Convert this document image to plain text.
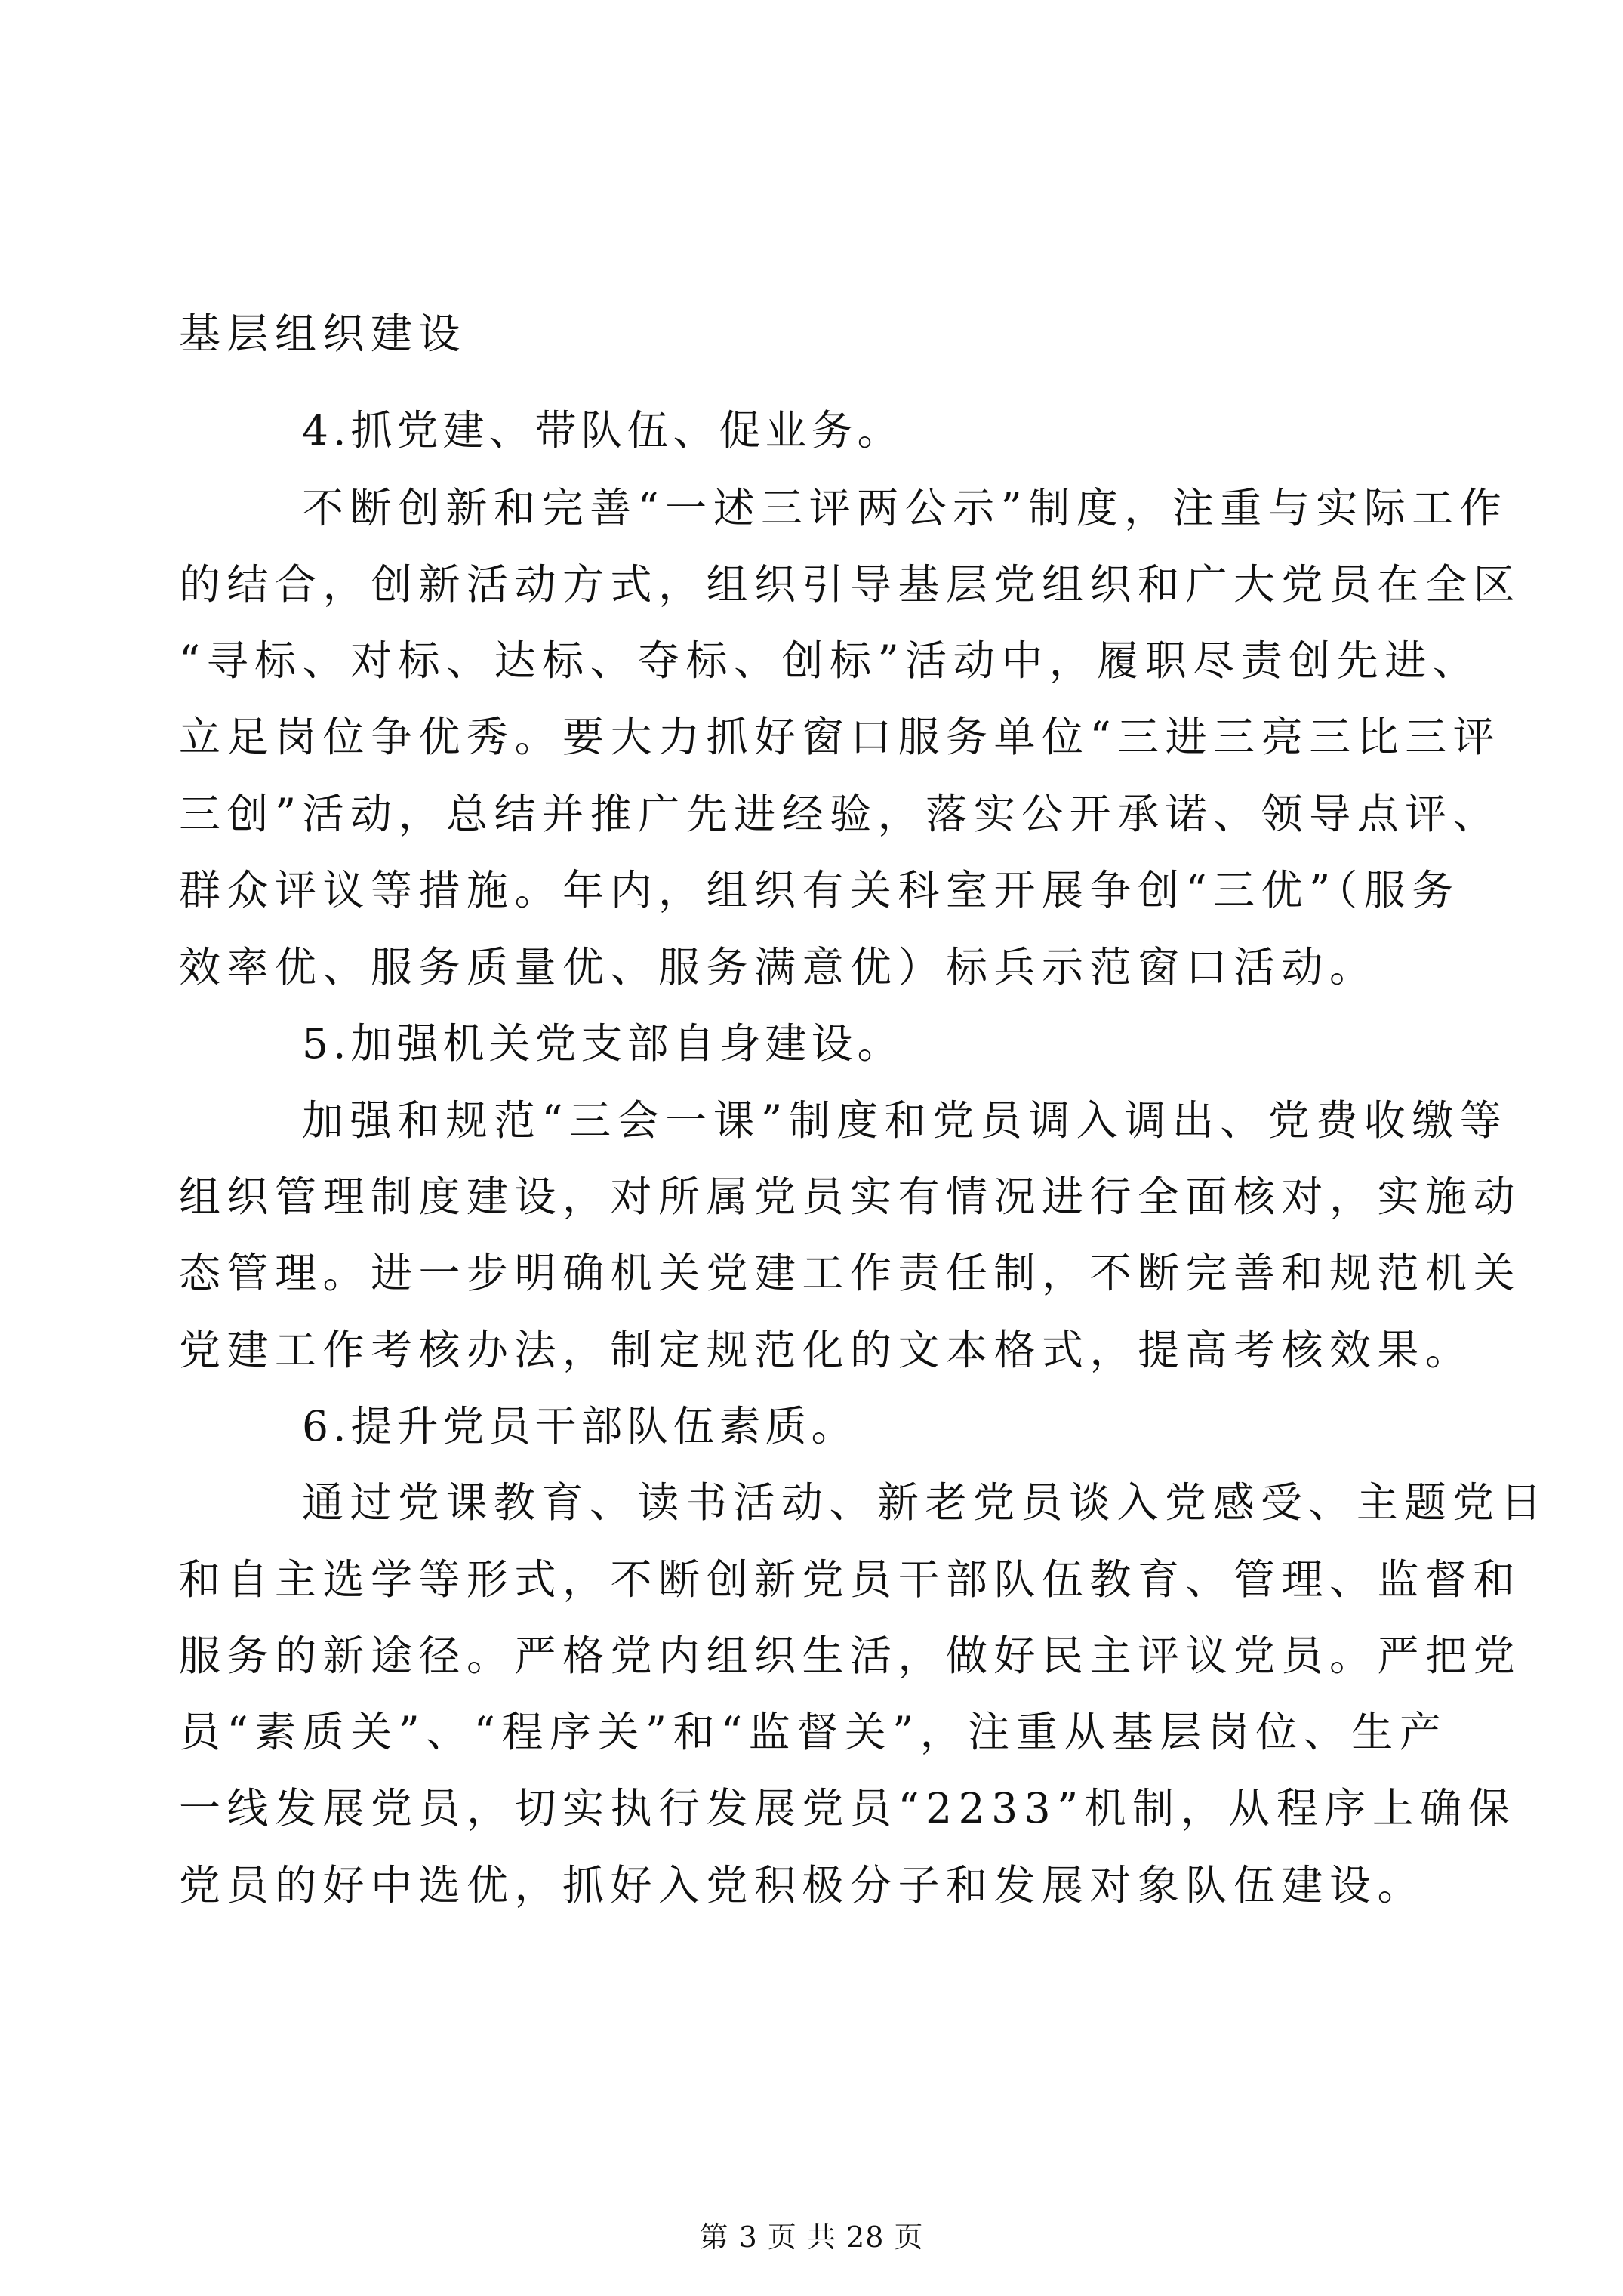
基层组织建设
4.抓党建、带队伍、促业务。
不断创新和完善“一述三评两公示”制度，注重与实际工作
的结合，创新活动方式，组织引导基层党组织和广大党员在全区
“寻标、对标、达标、夺标、创标”活动中，履职尽责创先进、
立足岗位争优秀。要大力抓好窗口服务单位“三进三亮三比三评
三创”活动，总结并推广先进经验，落实公开承诺、领导点评、
群众评议等措施。年内，组织有关科室开展争创“三优”（服务
效率优、服务质量优、服务满意优）标兵示范窗口活动。
5.加强机关党支部自身建设。
加强和规范“三会一课”制度和党员调入调出、党费收缴等
组织管理制度建设，对所属党员实有情况进行全面核对，实施动
态管理。进一步明确机关党建工作责任制，不断完善和规范机关
党建工作考核办法，制定规范化的文本格式，提高考核效果。
6.提升党员干部队伍素质。
通过党课教育、读书活动、新老党员谈入党感受、主题党日
和自主选学等形式，不断创新党员干部队伍教育、管理、监督和
服务的新途径。严格党内组织生活，做好民主评议党员。严把党
员“素质关”、“程序关”和“监督关”，注重从基层岗位、生产
一线发展党员，切实执行发展党员“2233”机制，从程序上确保
党员的好中选优，抓好入党积极分子和发展对象队伍建设。
第 3 页 共 28 页
